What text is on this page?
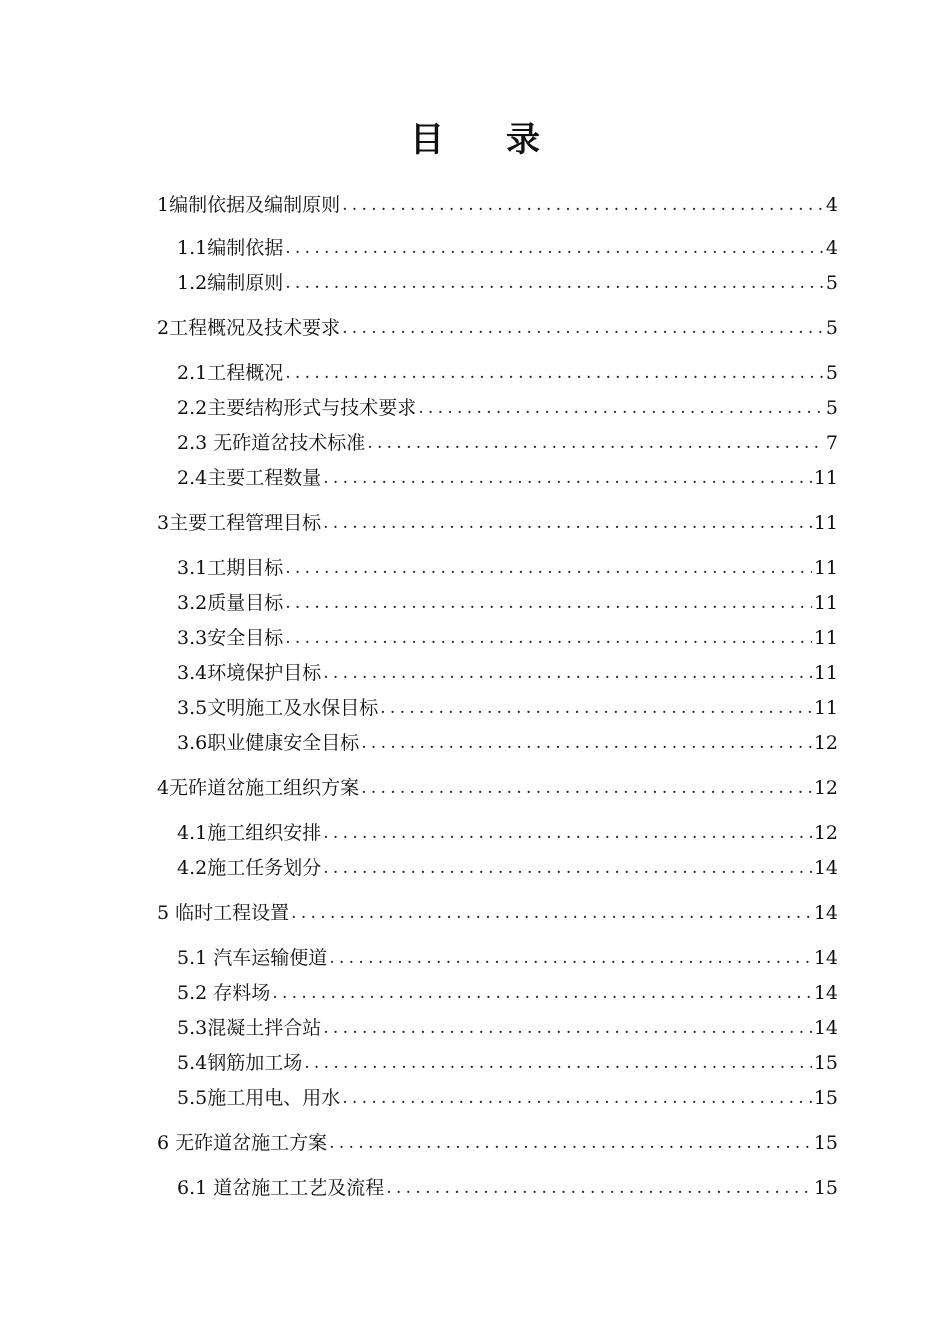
目 录
1编制依据及编制原则 .....	4
1.1编制依据 .....	4
1.2编制原则 .....	5
2工程概况及技术要求 .....	5
2.1工程概况 .....	5
2.2主要结构形式与技术要求 .....	5
2.3 无砟道岔技术标准 .....	7
2.4主要工程数量 .....	11
3主要工程管理目标 .....	11
3.1工期目标 .....	11
3.2质量目标 .....	11
3.3安全目标 .....	11
3.4环境保护目标 .....	11
3.5文明施工及水保目标 .....	11
3.6职业健康安全目标 .....	12
4无砟道岔施工组织方案 .....	12
4.1施工组织安排 .....	12
4.2施工任务划分 .....	14
5 临时工程设置 .....	14
5.1 汽车运输便道 .....	14
5.2 存料场 .....	14
5.3混凝土拌合站 .....	14
5.4钢筋加工场 .....	15
5.5施工用电、用水 .....	15
6 无砟道岔施工方案 .....	15
6.1 道岔施工工艺及流程 .....	15
